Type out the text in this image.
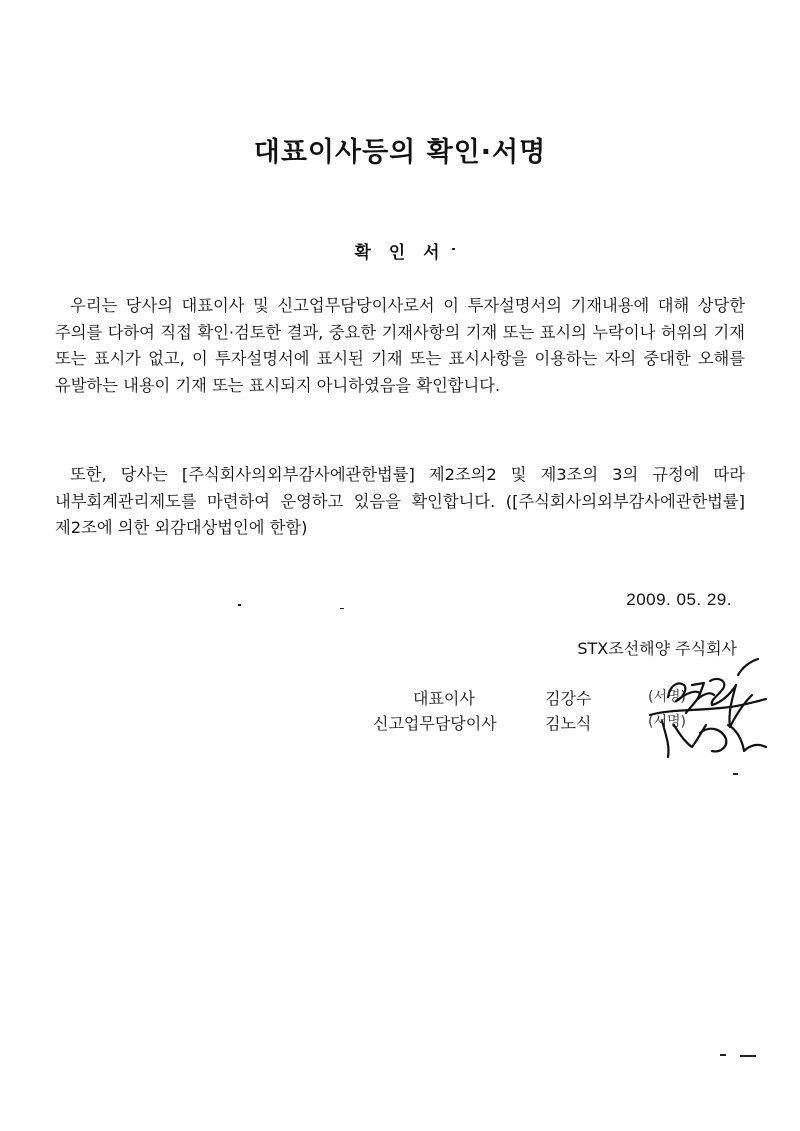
대표이사등의 확인·서명
확 인 서

우리는 당사의 대표이사 및 신고업무담당이사로서 이 투자설명서의 기재내용에 대해 상당한 주의를 다하여 직접 확인·검토한 결과, 중요한 기재사항의 기재 또는 표시의 누락이나 허위의 기재 또는 표시가 없고, 이 투자설명서에 표시된 기재 또는 표시사항을 이용하는 자의 중대한 오해를 유발하는 내용이 기재 또는 표시되지 아니하였음을 확인합니다.

또한, 당사는 [주식회사의외부감사에관한법률] 제2조의2 및 제3조의 3의 규정에 따라 내부회계관리제도를 마련하여 운영하고 있음을 확인합니다. ([주식회사의외부감사에관한법률] 제2조에 의한 외감대상법인에 한함)

2009. 05. 29.
STX조선해양 주식회사
대표이사	김강수	(서명)
신고업무담당이사	김노식	(서명)
